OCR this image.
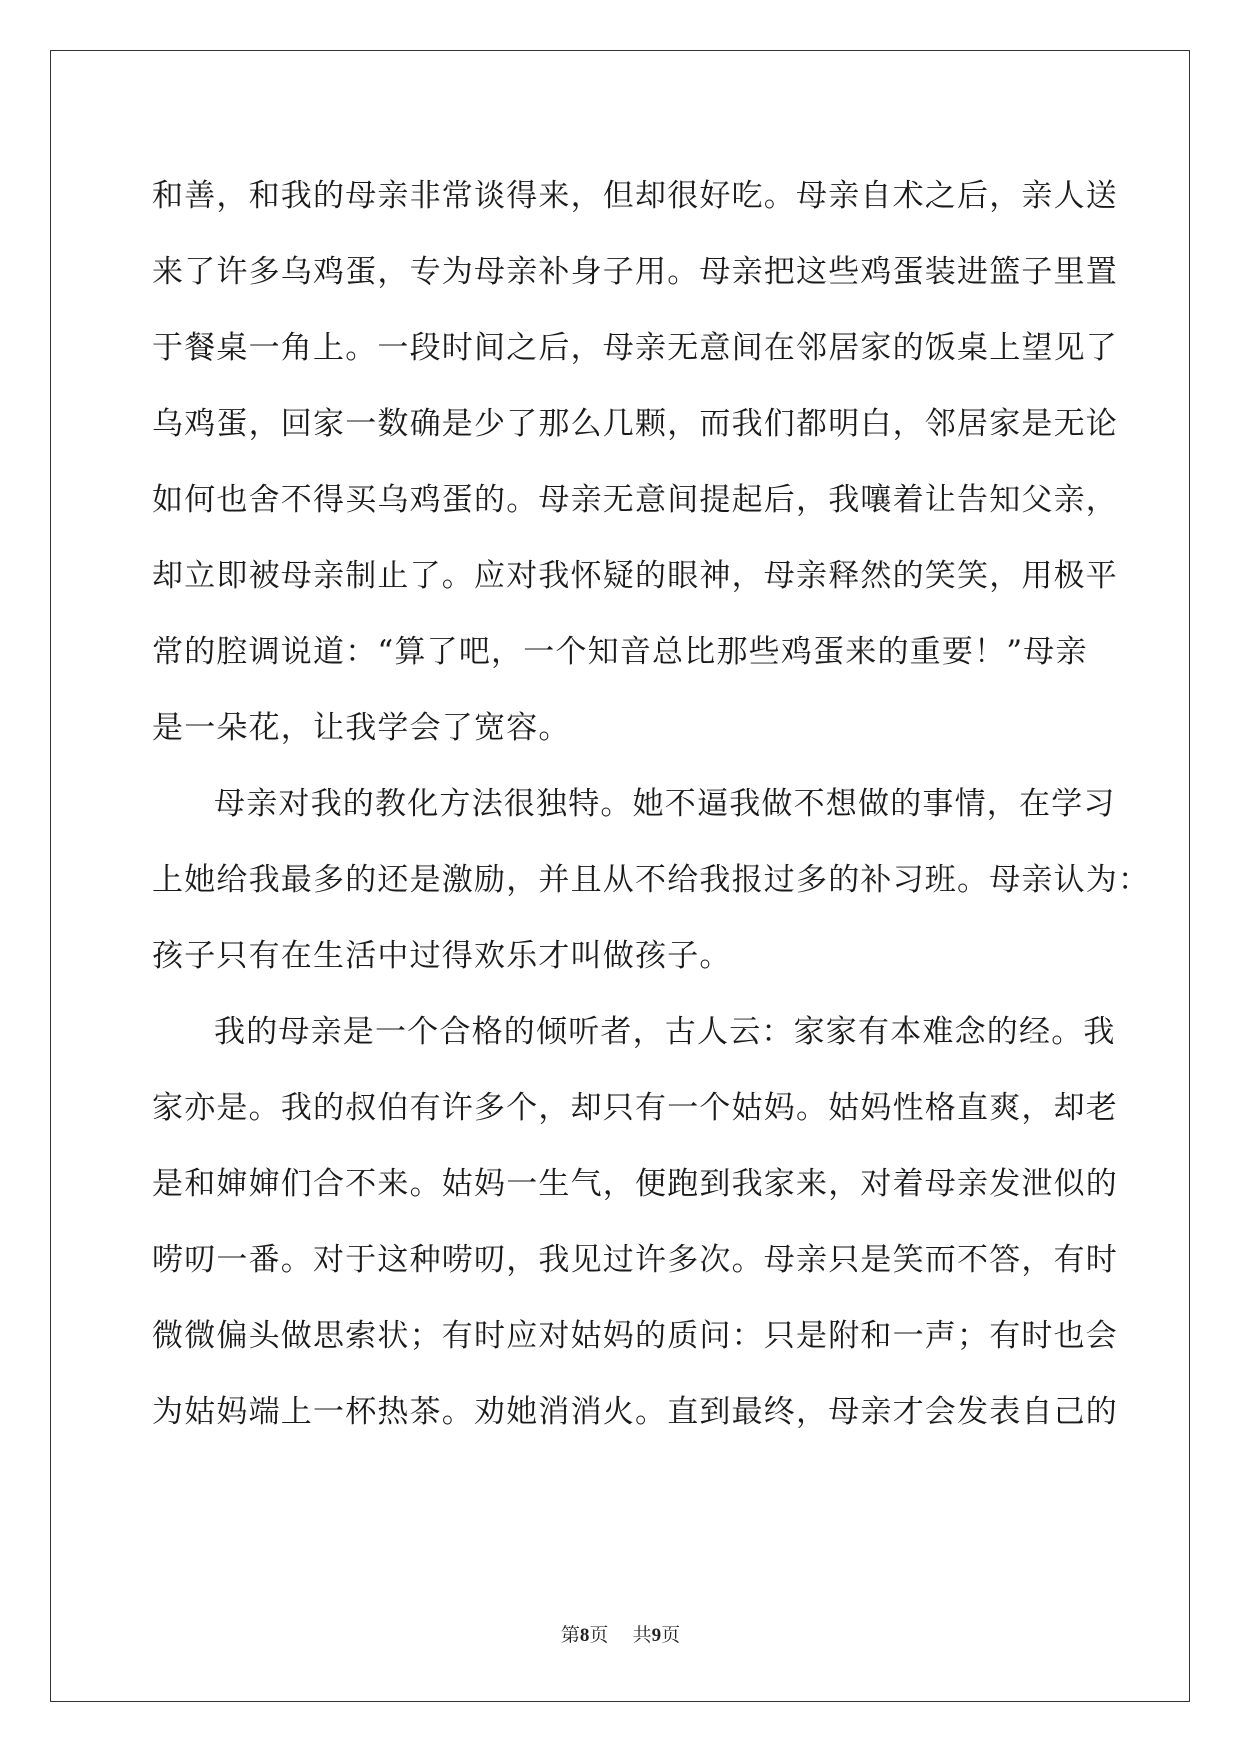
和善，和我的母亲非常谈得来，但却很好吃。母亲自术之后，亲人送
来了许多乌鸡蛋，专为母亲补身子用。母亲把这些鸡蛋装进篮子里置
于餐桌一角上。一段时间之后，母亲无意间在邻居家的饭桌上望见了
乌鸡蛋，回家一数确是少了那么几颗，而我们都明白，邻居家是无论
如何也舍不得买乌鸡蛋的。母亲无意间提起后，我嚷着让告知父亲，
却立即被母亲制止了。应对我怀疑的眼神，母亲释然的笑笑，用极平
常的腔调说道：“算了吧，一个知音总比那些鸡蛋来的重要！”母亲
是一朵花，让我学会了宽容。
母亲对我的教化方法很独特。她不逼我做不想做的事情，在学习
上她给我最多的还是激励，并且从不给我报过多的补习班。母亲认为：
孩子只有在生活中过得欢乐才叫做孩子。
我的母亲是一个合格的倾听者，古人云：家家有本难念的经。我
家亦是。我的叔伯有许多个，却只有一个姑妈。姑妈性格直爽，却老
是和婶婶们合不来。姑妈一生气，便跑到我家来，对着母亲发泄似的
唠叨一番。对于这种唠叨，我见过许多次。母亲只是笑而不答，有时
微微偏头做思索状；有时应对姑妈的质问：只是附和一声；有时也会
为姑妈端上一杯热茶。劝她消消火。直到最终，母亲才会发表自己的
第8页 共9页
